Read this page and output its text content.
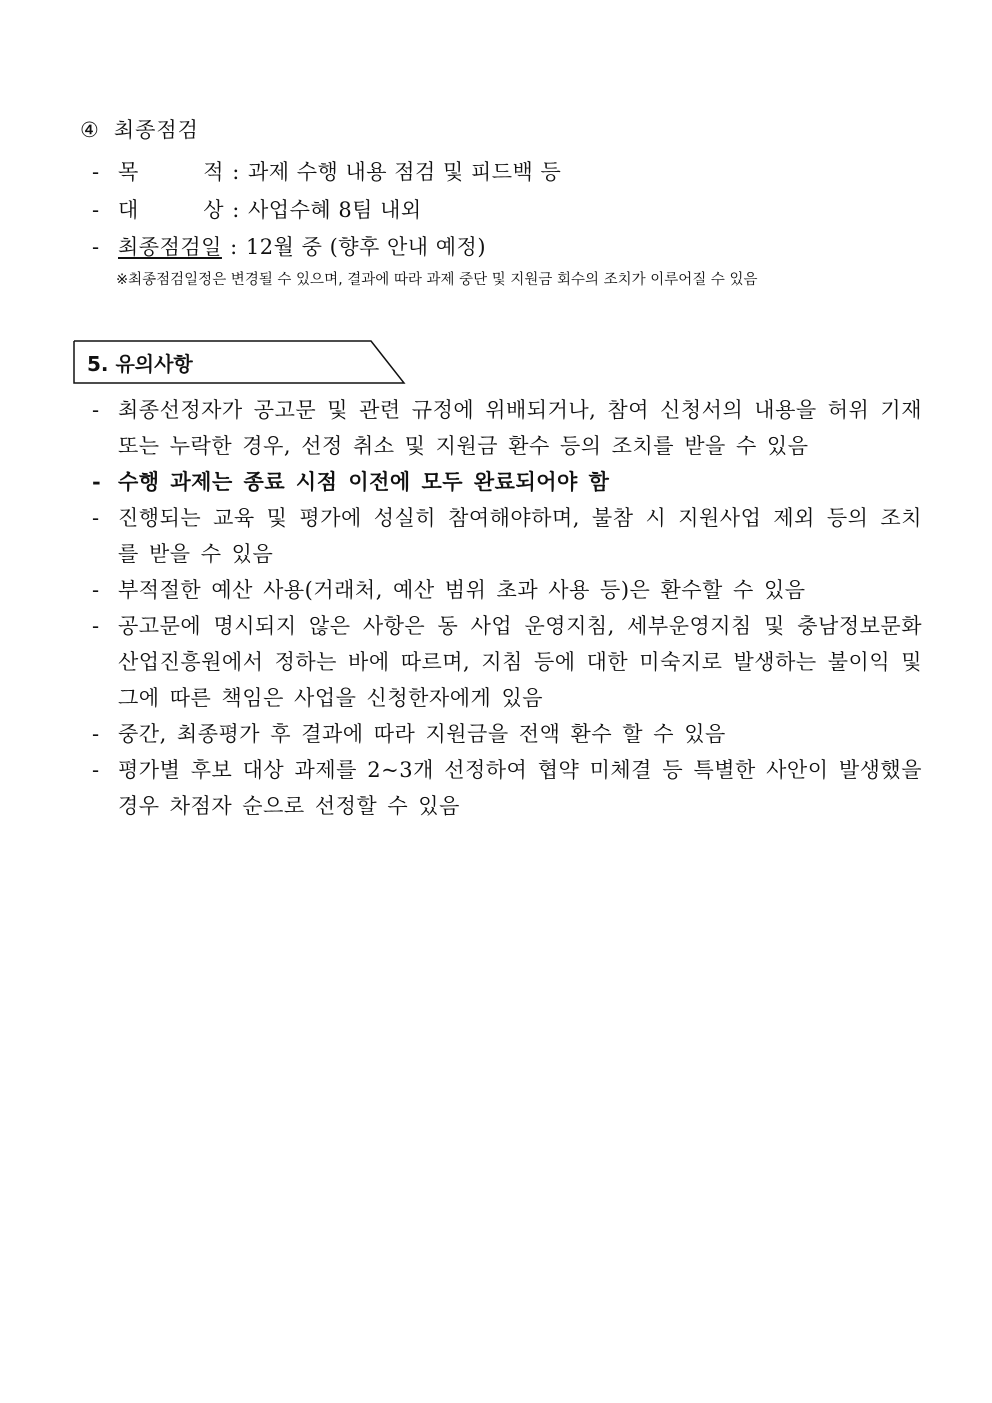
④ 최종점검
- 목	적 : 과제 수행 내용 점검 및 피드백 등
- 대	상 : 사업수혜 8팀 내외
- 최종점검일 : 12월 중 (향후 안내 예정)
※최종점검일정은 변경될 수 있으며, 결과에 따라 과제 중단 및 지원금 회수의 조치가 이루어질 수 있음
5. 유의사항
- 최종선정자가 공고문 및 관련 규정에 위배되거나, 참여 신청서의 내용을 허위 기재 또는 누락한 경우, 선정 취소 및 지원금 환수 등의 조치를 받을 수 있음
- 수행 과제는 종료 시점 이전에 모두 완료되어야 함
- 진행되는 교육 및 평가에 성실히 참여해야하며, 불참 시 지원사업 제외 등의 조치를 받을 수 있음
- 부적절한 예산 사용(거래처, 예산 범위 초과 사용 등)은 환수할 수 있음
- 공고문에 명시되지 않은 사항은 동 사업 운영지침, 세부운영지침 및 충남정보문화산업진흥원에서 정하는 바에 따르며, 지침 등에 대한 미숙지로 발생하는 불이익 및 그에 따른 책임은 사업을 신청한자에게 있음
- 중간, 최종평가 후 결과에 따라 지원금을 전액 환수 할 수 있음
- 평가별 후보 대상 과제를 2~3개 선정하여 협약 미체결 등 특별한 사안이 발생했을 경우 차점자 순으로 선정할 수 있음
